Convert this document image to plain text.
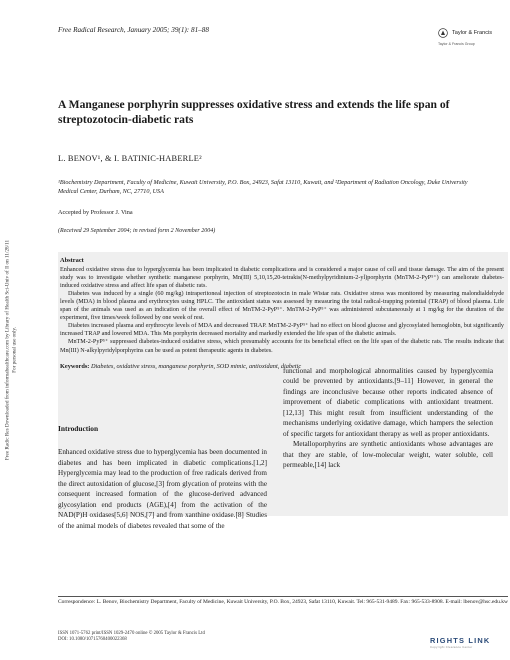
Free Radical Research, January 2005; 39(1): 81–88	Taylor & Francis
Taylor & Francis Group
Free Radic Res Downloaded from informahealthcare.com by Library of Health Sci-Univ of Il on 11/28/11 For personal use only.
A Manganese porphyrin suppresses oxidative stress and extends the life span of streptozotocin-diabetic rats
L. BENOV¹, & I. BATINIC-HABERLE²
¹Biochemistry Department, Faculty of Medicine, Kuwait University, P.O. Box, 24923, Safat 13110, Kuwait, and ²Department of Radiation Oncology, Duke University Medical Center, Durham, NC, 27710, USA
Accepted by Professor J. Vina
(Received 29 September 2004; in revised form 2 November 2004)
Abstract

Enhanced oxidative stress due to hyperglycemia has been implicated in diabetic complications and is considered a major cause of cell and tissue damage. The aim of the present study was to investigate whether synthetic manganese porphyrin, Mn(III) 5,10,15,20-tetrakis(N-methylpyridinium-2-yl)porphyrin (MnTM-2-PyP⁵⁺) can ameliorate diabetes-induced oxidative stress and affect life span of diabetic rats.

Diabetes was induced by a single (60 mg/kg) intraperitoneal injection of streptozotocin in male Wistar rats. Oxidative stress was monitored by measuring malondialdehyde levels (MDA) in blood plasma and erythrocytes using HPLC. The antioxidant status was assessed by measuring the total radical-trapping potential (TRAP) of blood plasma. Life span of the animals was used as an indication of the overall effect of MnTM-2-PyP⁵⁺. MnTM-2-PyP⁵⁺ was administered subcutaneously at 1 mg/kg for the duration of the experiment, five times/week followed by one week of rest.

Diabetes increased plasma and erythrocyte levels of MDA and decreased TRAP. MnTM-2-PyP⁵⁺ had no effect on blood glucose and glycosylated hemoglobin, but significantly increased TRAP and lowered MDA. This Mn porphyrin decreased mortality and markedly extended the life span of the diabetic animals.

MnTM-2-PyP⁵⁺ suppressed diabetes-induced oxidative stress, which presumably accounts for its beneficial effect on the life span of the diabetic rats. The results indicate that Mn(III) N-alkylpyridylporphyrins can be used as potent therapeutic agents in diabetes.

Keywords: Diabetes, oxidative stress, manganese porphyrin, SOD mimic, antioxidant, diabetic
Introduction

Enhanced oxidative stress due to hyperglycemia has been documented in diabetes and has been implicated in diabetic complications.[1,2] Hyperglycemia may lead to the production of free radicals derived from the direct autoxidation of glucose,[3] from glycation of proteins with the consequent increased formation of the glucose-derived advanced glycosylation end products (AGE),[4] from the activation of the NAD(P)H oxidases[5,6] NOS,[7] and from xanthine oxidase.[8] Studies of the animal models of diabetes revealed that some of the

functional and morphological abnormalities caused by hyperglycemia could be prevented by antioxidants.[9–11] However, in general the findings are inconclusive because other reports indicated absence of improvement of diabetic complications with antioxidant treatment.[12,13] This might result from insufficient understanding of the mechanisms underlying oxidative damage, which hampers the selection of specific targets for antioxidant therapy as well as proper antioxidants.

Metalloporphyrins are synthetic antioxidants whose advantages are that they are stable, of low-molecular weight, water soluble, cell permeable,[14] lack

Correspondence: L. Benov, Biochemistry Department, Faculty of Medicine, Kuwait University, P.O. Box, 24923, Safat 13110, Kuwait. Tel: 965-531-9489. Fax: 965-533-8908. E-mail: lbenov@hsc.edu.kw
ISSN 1071-5762 print/ISSN 1029-2470 online © 2005 Taylor & Francis Ltd
DOI: 10.1080/10715760400022368	RIGHTS LINK
Copyright Clearance Center
